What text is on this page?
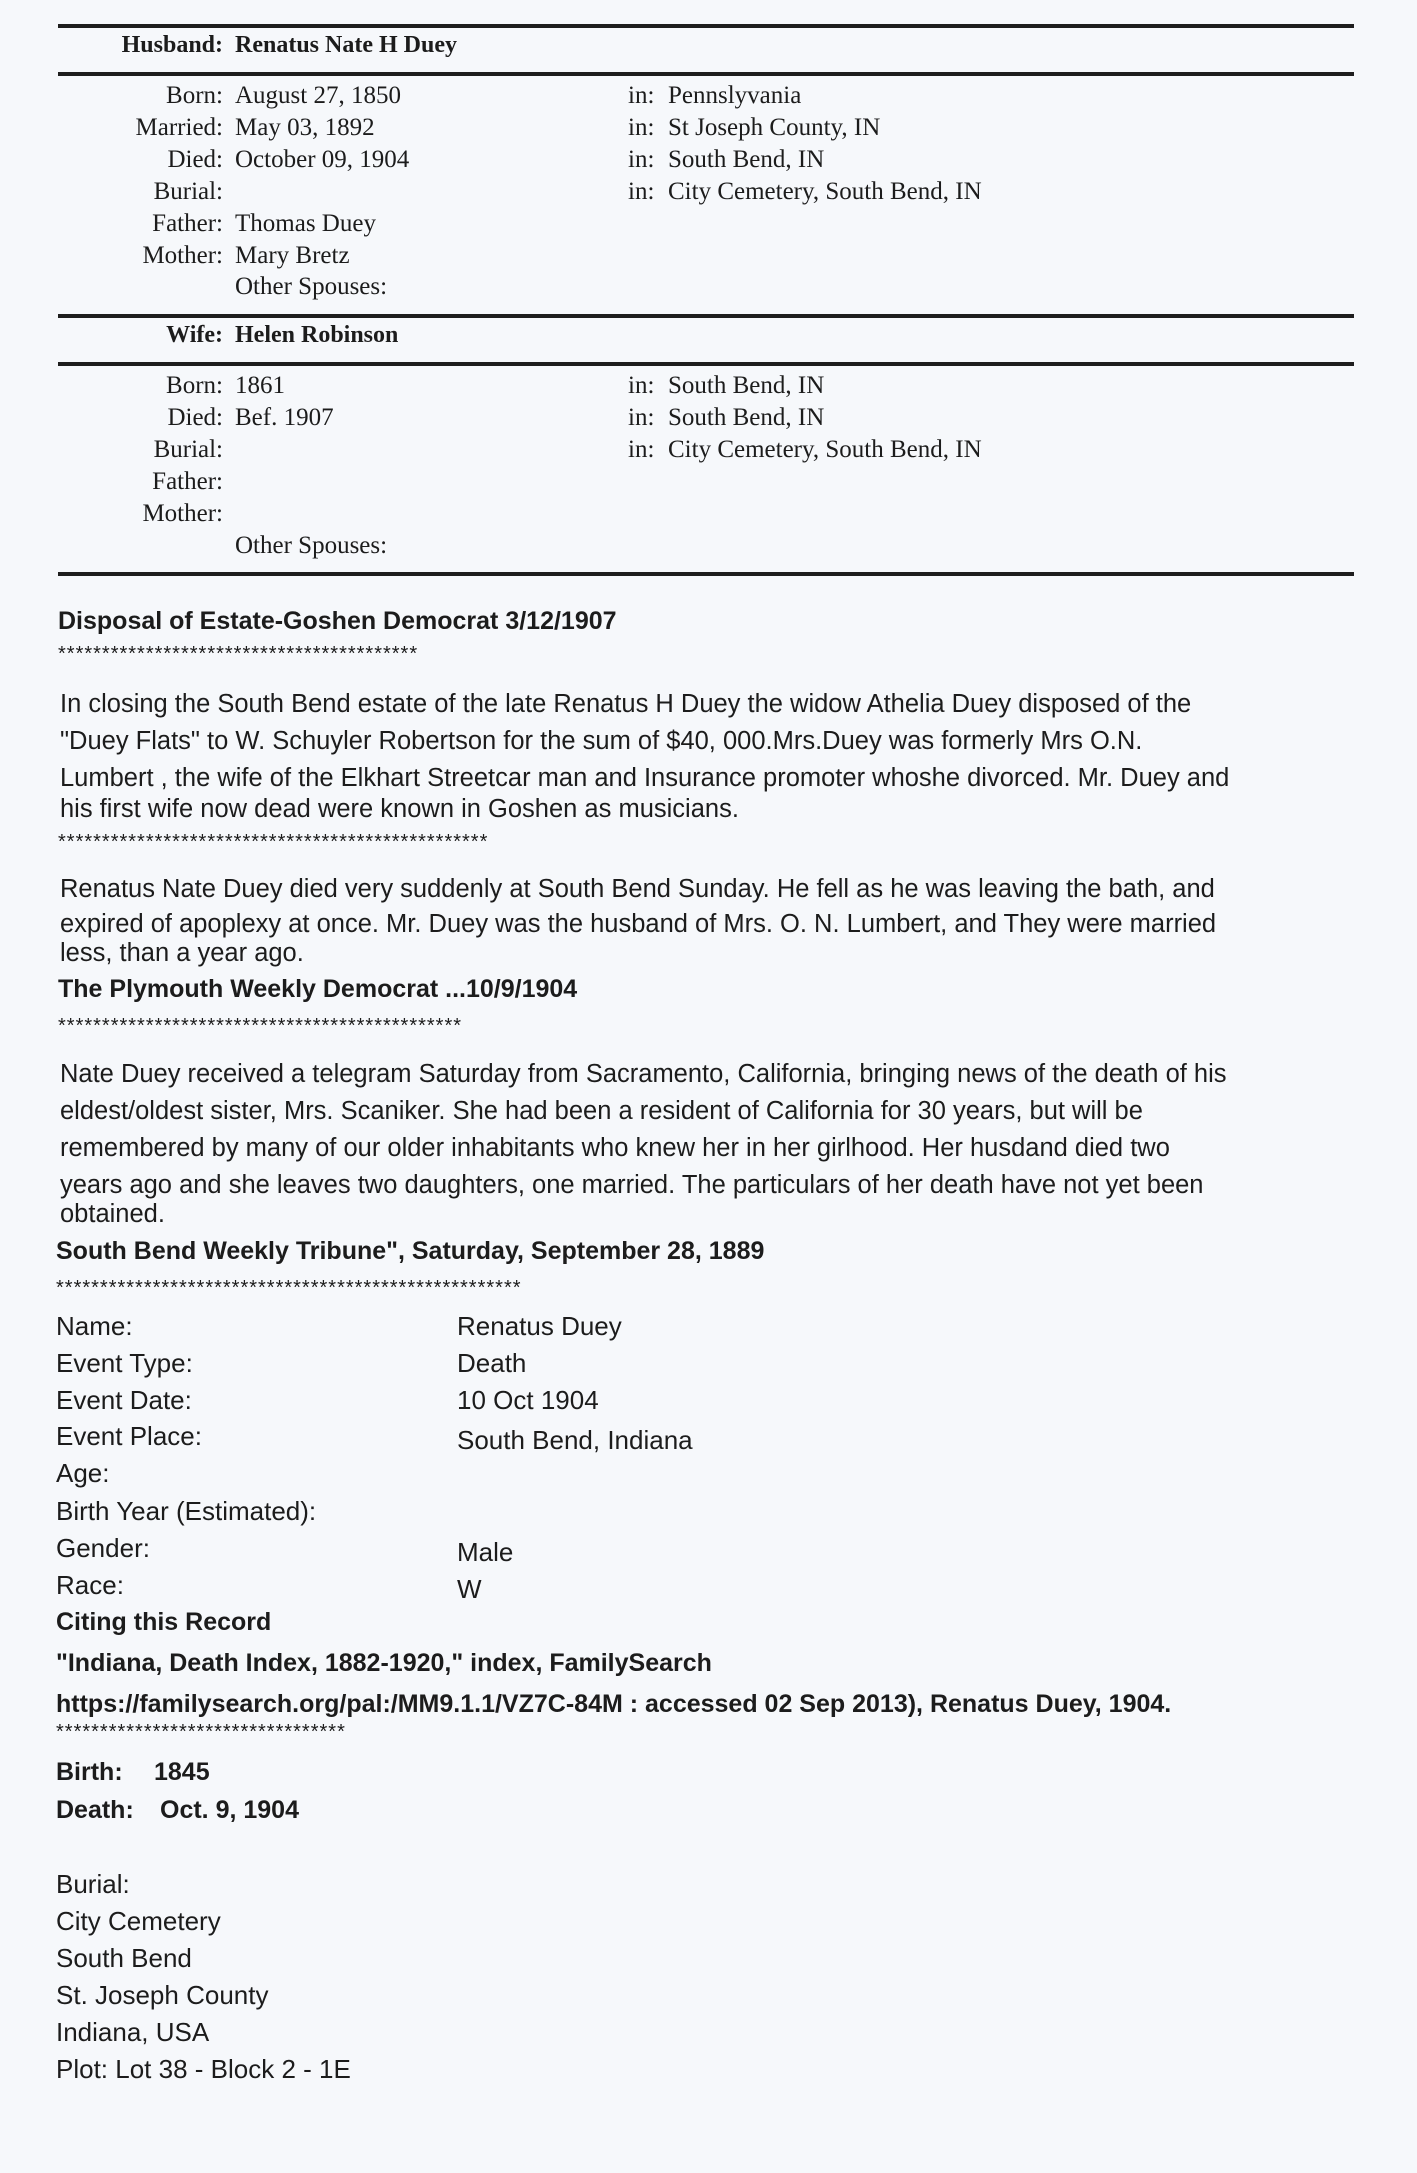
Husband: Renatus Nate H Duey
Born: August 27, 1850	in: Pennslyvania
Married: May 03, 1892	in: St Joseph County, IN
Died: October 09, 1904	in: South Bend, IN
Burial:	in: City Cemetery, South Bend, IN
Father: Thomas Duey
Mother: Mary Bretz
Other Spouses:
Wife: Helen Robinson
Born: 1861	in: South Bend, IN
Died: Bef. 1907	in: South Bend, IN
Burial:	in: City Cemetery, South Bend, IN
Father:
Mother:
Other Spouses:
Disposal of Estate-Goshen Democrat 3/12/1907
*****************************************
In closing the South Bend estate of the late Renatus H Duey the widow Athelia Duey disposed of the
"Duey Flats" to W. Schuyler Robertson for the sum of $40, 000.Mrs.Duey was formerly Mrs O.N.
Lumbert , the wife of the Elkhart Streetcar man and Insurance promoter whoshe divorced. Mr. Duey and
his first wife now dead were known in Goshen as musicians.
*************************************************
Renatus Nate Duey died very suddenly at South Bend Sunday. He fell as he was leaving the bath, and
expired of apoplexy at once. Mr. Duey was the husband of Mrs. O. N. Lumbert, and They were married
less, than a year ago.
The Plymouth Weekly Democrat ...10/9/1904
**********************************************
Nate Duey received a telegram Saturday from Sacramento, California, bringing news of the death of his
eldest/oldest sister, Mrs. Scaniker. She had been a resident of California for 30 years, but will be
remembered by many of our older inhabitants who knew her in her girlhood. Her husdand died two
years ago and she leaves two daughters, one married. The particulars of her death have not yet been
obtained.
South Bend Weekly Tribune", Saturday, September 28, 1889
*****************************************************
Name:	Renatus Duey
Event Type:	Death
Event Date:	10 Oct 1904
Event Place:	South Bend, Indiana
Age:
Birth Year (Estimated):
Gender:	Male
Race:	W
Citing this Record
"Indiana, Death Index, 1882-1920," index, FamilySearch
https://familysearch.org/pal:/MM9.1.1/VZ7C-84M : accessed 02 Sep 2013), Renatus Duey, 1904.
*********************************
Birth: 1845
Death: Oct. 9, 1904
Burial:
City Cemetery
South Bend
St. Joseph County
Indiana, USA
Plot: Lot 38 - Block 2 - 1E
